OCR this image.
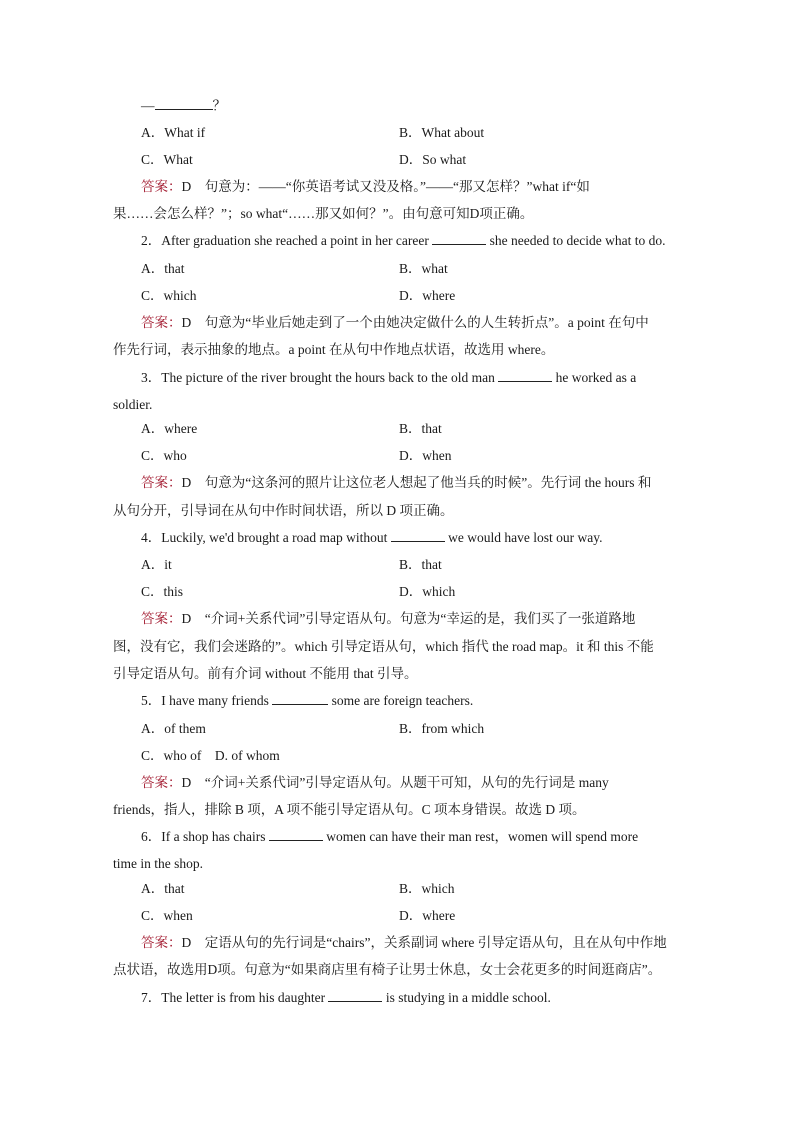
—	？
A．What if	B．What about
C．What	D．So what
答案：D　句意为：——“你英语考试又没及格。”——“那又怎样？”what if“如
果……会怎么样？”；so what“……那又如何？”。由句意可知D项正确。
2．After graduation she reached a point in her career	she needed to decide what to do.
A．that	B．what
C．which	D．where
答案：D　句意为“毕业后她走到了一个由她决定做什么的人生转折点”。a point 在句中
作先行词，表示抽象的地点。a point 在从句中作地点状语，故选用 where。
3．The picture of the river brought the hours back to the old man	he worked as a
soldier.
A．where	B．that
C．who	D．when
答案：D　句意为“这条河的照片让这位老人想起了他当兵的时候”。先行词 the hours 和
从句分开，引导词在从句中作时间状语，所以 D 项正确。
4．Luckily, we'd brought a road map without	we would have lost our way.
A．it	B．that
C．this	D．which
答案：D　“介词+关系代词”引导定语从句。句意为“幸运的是，我们买了一张道路地
图，没有它，我们会迷路的”。which 引导定语从句，which 指代 the road map。it 和 this 不能
引导定语从句。前有介词 without 不能用 that 引导。
5．I have many friends	some are foreign teachers.
A．of them	B．from which
C．who of　D. of whom
答案：D　“介词+关系代词”引导定语从句。从题干可知，从句的先行词是 many
friends，指人，排除 B 项，A 项不能引导定语从句。C 项本身错误。故选 D 项。
6．If a shop has chairs	women can have their man rest，women will spend more
time in the shop.
A．that	B．which
C．when	D．where
答案：D　定语从句的先行词是“chairs”，关系副词 where 引导定语从句，且在从句中作地
点状语，故选用D项。句意为“如果商店里有椅子让男士休息，女士会花更多的时间逛商店”。
7．The letter is from his daughter	is studying in a middle school.
